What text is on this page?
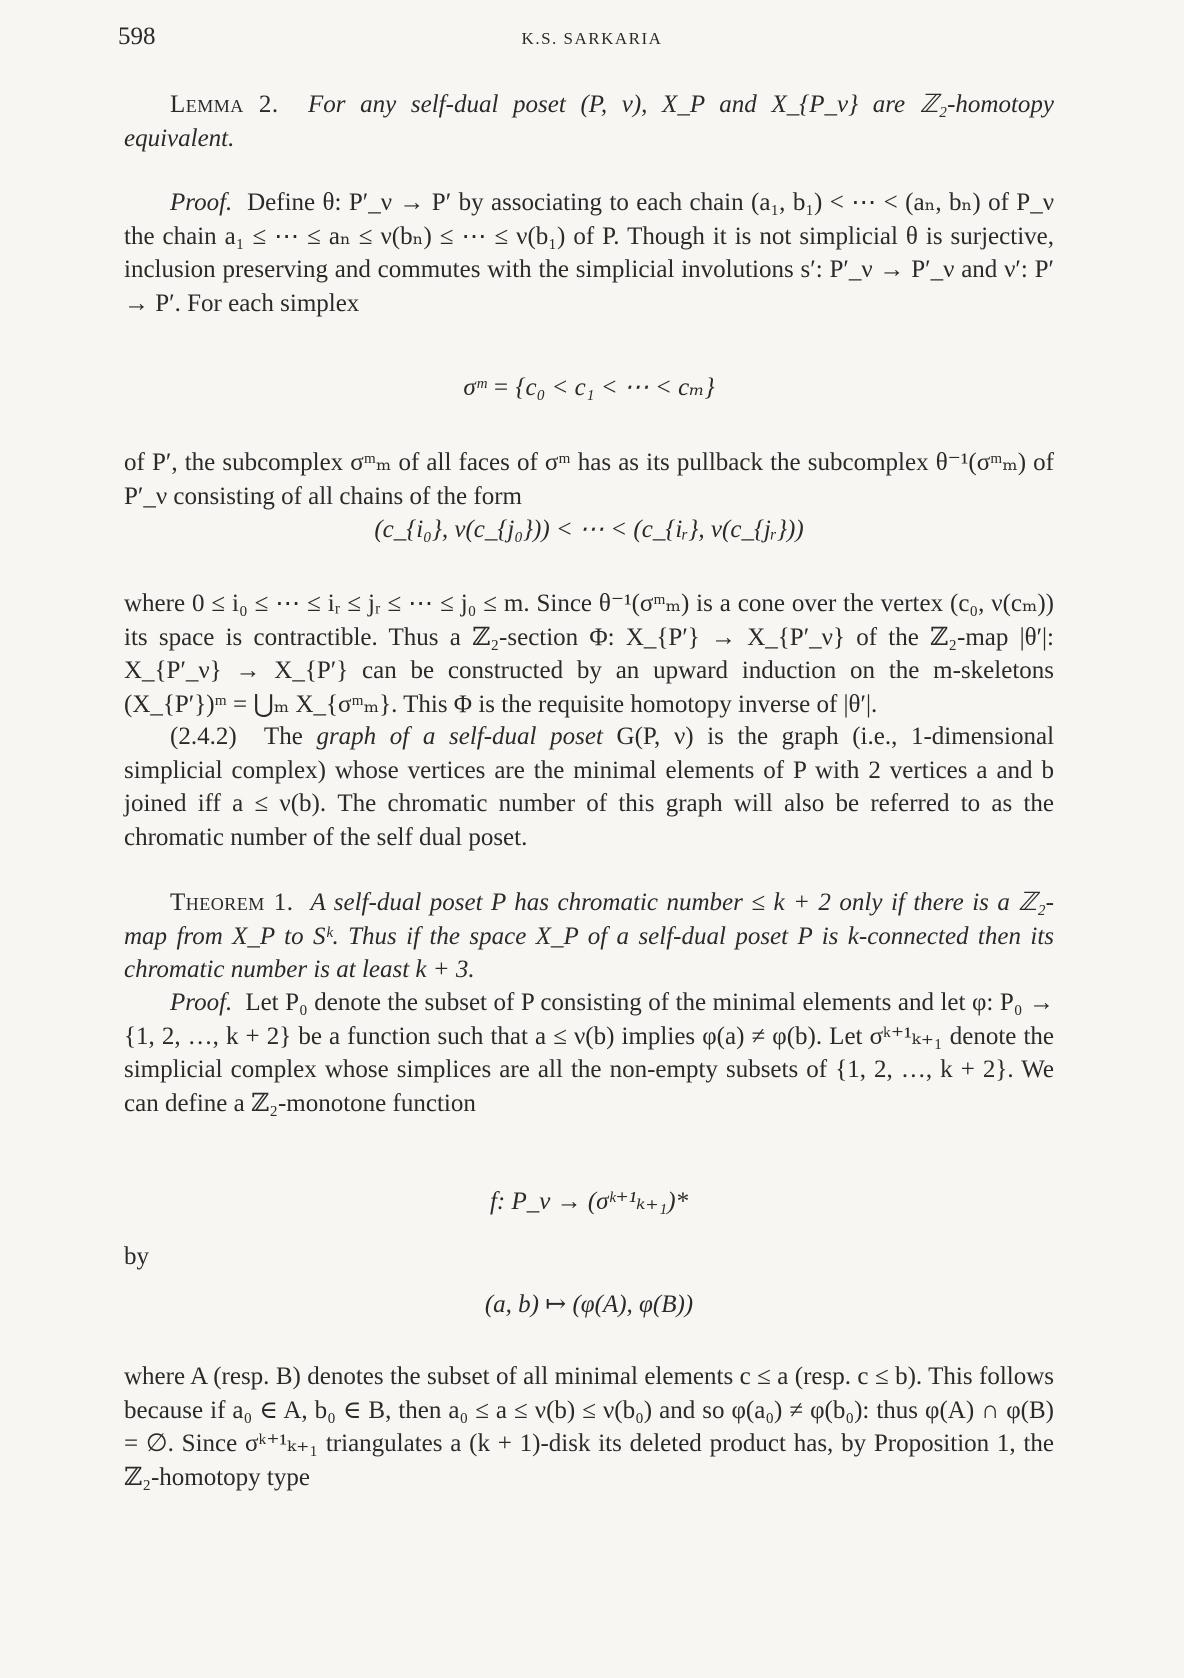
598	K.S. SARKARIA

Lemma 2. For any self-dual poset (P, ν), X_P and X_{P_ν} are ℤ₂-homotopy equivalent.

Proof. Define θ: P′_ν → P′ by associating to each chain (a₁, b₁) < ⋯ < (aₙ, bₙ) of P_ν the chain a₁ ≤ ⋯ ≤ aₙ ≤ ν(bₙ) ≤ ⋯ ≤ ν(b₁) of P. Though it is not simplicial θ is surjective, inclusion preserving and commutes with the simplicial involutions s′: P′_ν → P′_ν and ν′: P′ → P′. For each simplex

σᵐ = {c₀ < c₁ < ⋯ < cₘ}

of P′, the subcomplex σᵐₘ of all faces of σᵐ has as its pullback the subcomplex θ⁻¹(σᵐₘ) of P′_ν consisting of all chains of the form

(c_{i₀}, ν(c_{j₀})) < ⋯ < (c_{iᵣ}, ν(c_{jᵣ}))

where 0 ≤ i₀ ≤ ⋯ ≤ iᵣ ≤ jᵣ ≤ ⋯ ≤ j₀ ≤ m. Since θ⁻¹(σᵐₘ) is a cone over the vertex (c₀, ν(cₘ)) its space is contractible. Thus a ℤ₂-section Φ: X_{P′} → X_{P′_ν} of the ℤ₂-map |θ′|: X_{P′_ν} → X_{P′} can be constructed by an upward induction on the m-skeletons (X_{P′})ᵐ = ⋃ₘ X_{σᵐₘ}. This Φ is the requisite homotopy inverse of |θ′|.

(2.4.2) The graph of a self-dual poset G(P, ν) is the graph (i.e., 1-dimensional simplicial complex) whose vertices are the minimal elements of P with 2 vertices a and b joined iff a ≤ ν(b). The chromatic number of this graph will also be referred to as the chromatic number of the self dual poset.

Theorem 1. A self-dual poset P has chromatic number ≤ k + 2 only if there is a ℤ₂-map from X_P to Sᵏ. Thus if the space X_P of a self-dual poset P is k-connected then its chromatic number is at least k + 3.

Proof. Let P₀ denote the subset of P consisting of the minimal elements and let φ: P₀ → {1, 2, …, k + 2} be a function such that a ≤ ν(b) implies φ(a) ≠ φ(b). Let σᵏ⁺¹ₖ₊₁ denote the simplicial complex whose simplices are all the non-empty subsets of {1, 2, …, k + 2}. We can define a ℤ₂-monotone function

f: P_ν → (σᵏ⁺¹ₖ₊₁)*
by
(a, b) ↦ (φ(A), φ(B))

where A (resp. B) denotes the subset of all minimal elements c ≤ a (resp. c ≤ b). This follows because if a₀ ∈ A, b₀ ∈ B, then a₀ ≤ a ≤ ν(b) ≤ ν(b₀) and so φ(a₀) ≠ φ(b₀): thus φ(A) ∩ φ(B) = ∅. Since σᵏ⁺¹ₖ₊₁ triangulates a (k + 1)-disk its deleted product has, by Proposition 1, the ℤ₂-homotopy type
